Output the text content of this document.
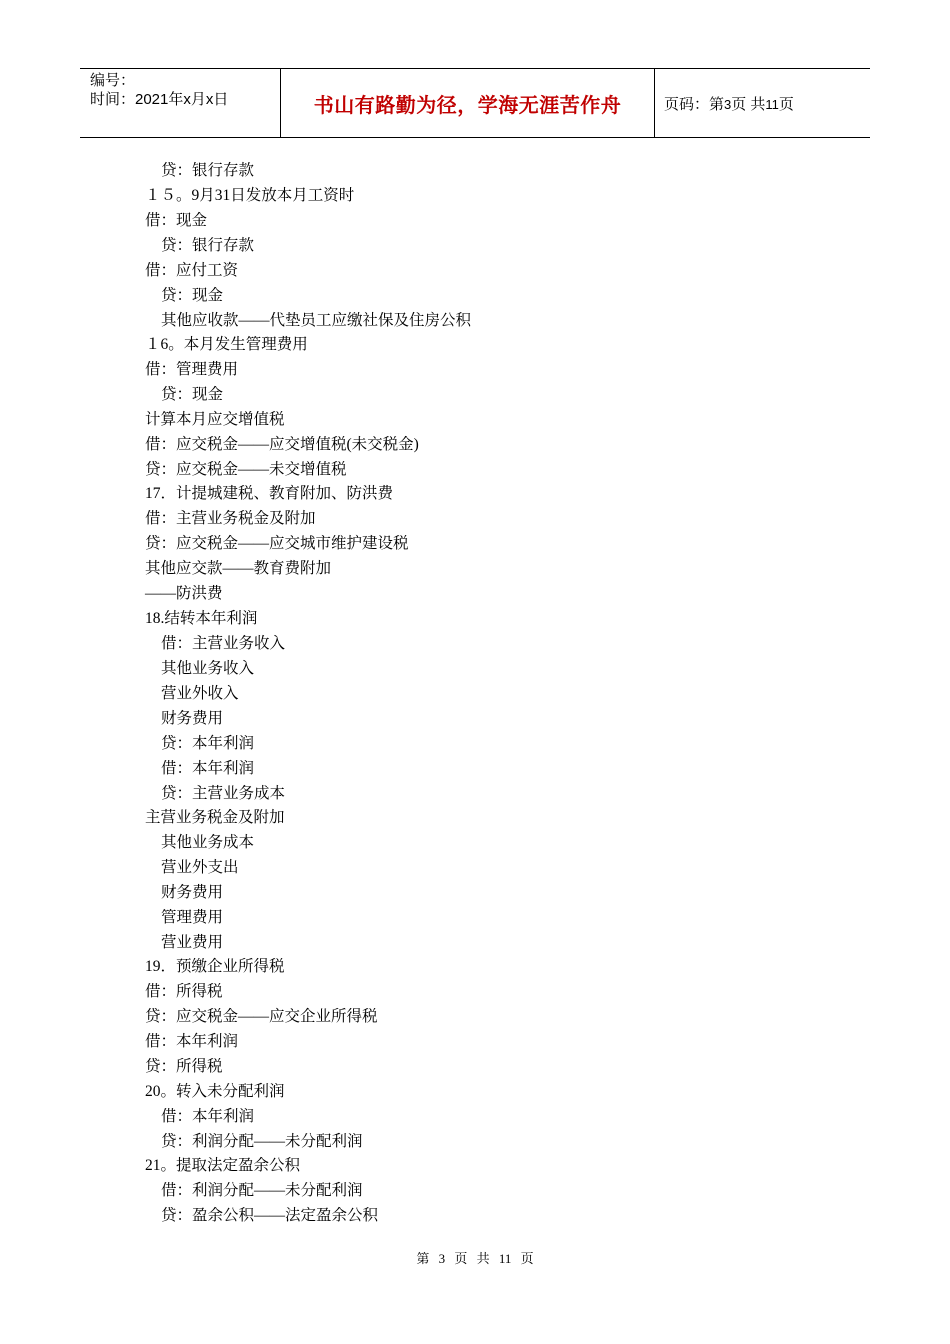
编号：
时间：2021年x月x日	书山有路勤为径，学海无涯苦作舟	页码：第3页 共11页
贷：银行存款
１５。9月31日发放本月工资时
借：现金
贷：银行存款
借：应付工资
贷：现金
其他应收款——代垫员工应缴社保及住房公积
１6。本月发生管理费用
借：管理费用
贷：现金
计算本月应交增值税
借：应交税金——应交增值税(未交税金)
贷：应交税金——未交增值税
17．计提城建税、教育附加、防洪费
借：主营业务税金及附加
贷：应交税金——应交城市维护建设税
其他应交款——教育费附加
——防洪费
18.结转本年利润
借：主营业务收入
其他业务收入
营业外收入
财务费用
贷：本年利润
借：本年利润
贷：主营业务成本
主营业务税金及附加
其他业务成本
营业外支出
财务费用
管理费用
营业费用
19．预缴企业所得税
借：所得税
贷：应交税金——应交企业所得税
借：本年利润
贷：所得税
20。转入未分配利润
借：本年利润
贷：利润分配——未分配利润
21。提取法定盈余公积
借：利润分配——未分配利润
贷：盈余公积——法定盈余公积
第 3 页 共 11 页
